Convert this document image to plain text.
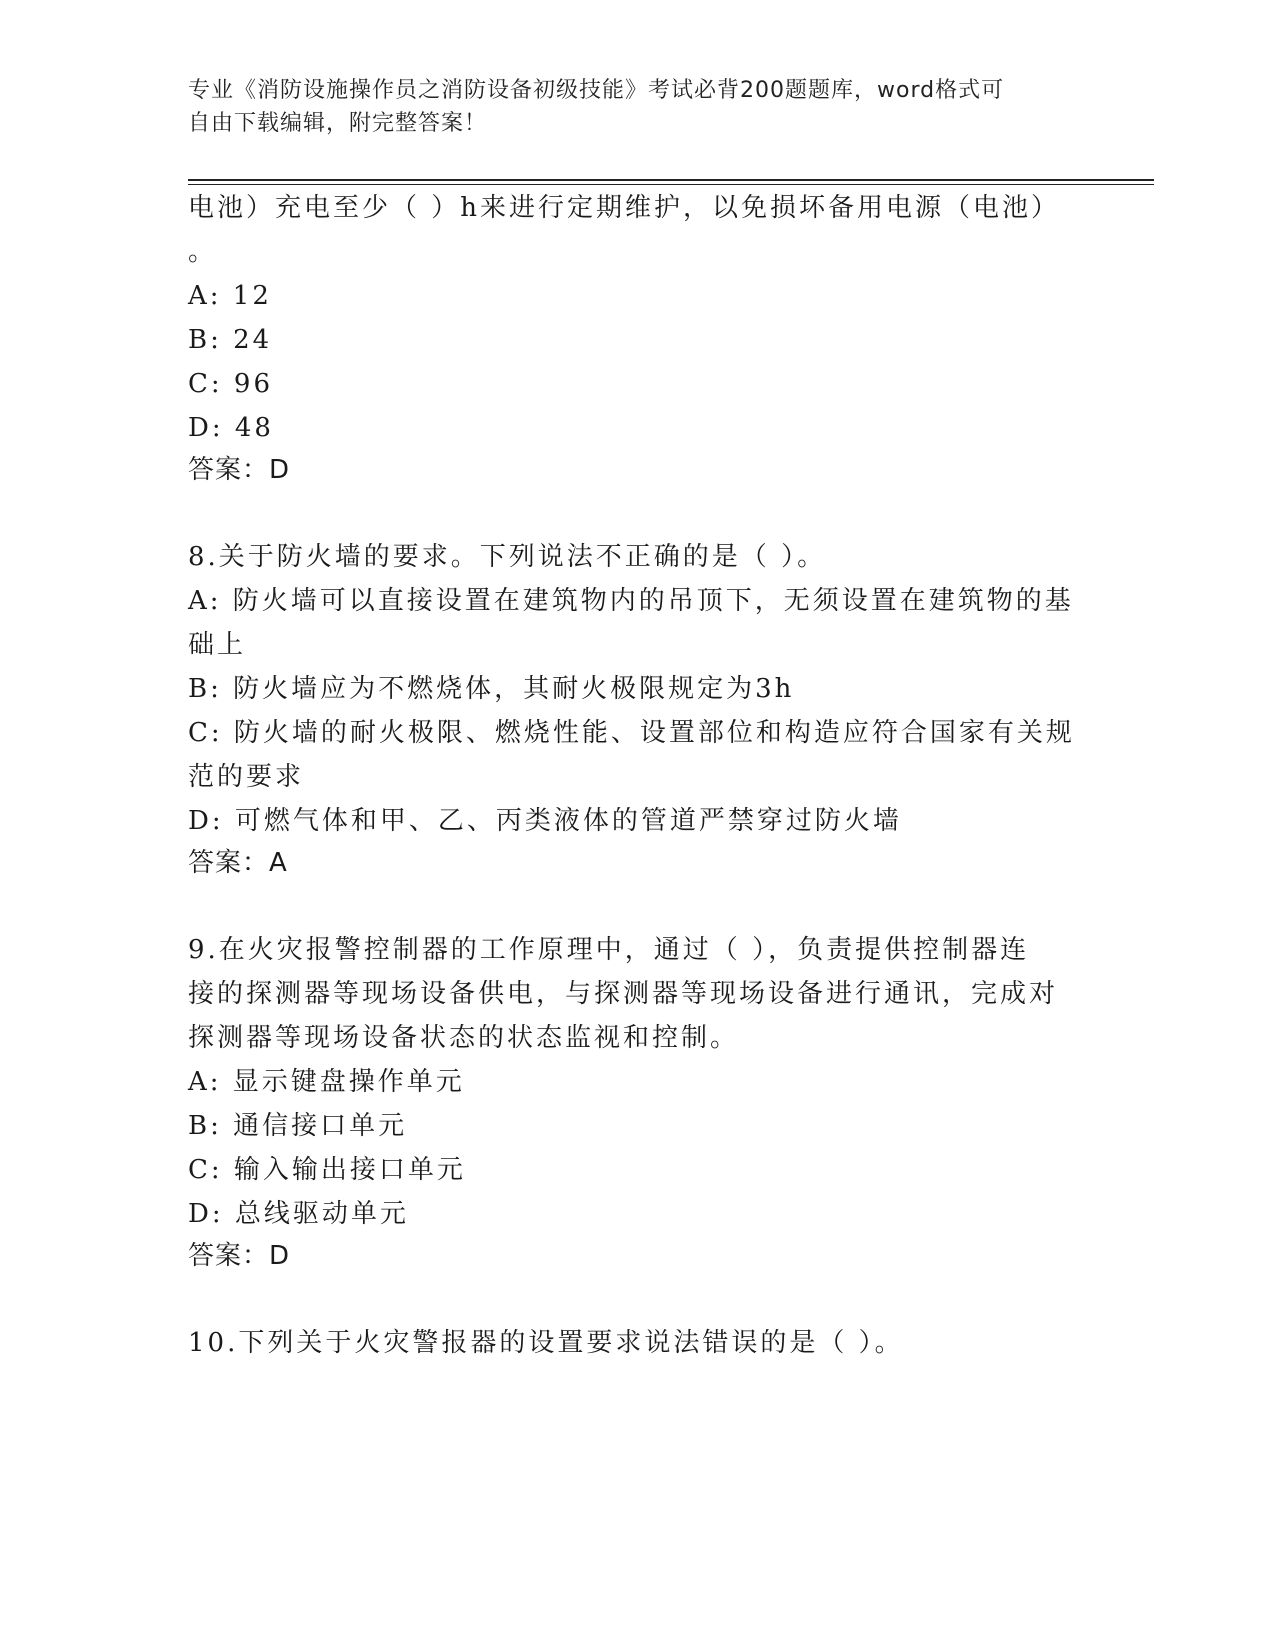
专业《消防设施操作员之消防设备初级技能》考试必背200题题库，word格式可
自由下载编辑，附完整答案！
电池）充电至少（ ）h来进行定期维护，以免损坏备用电源（电池）
。
A: 12
B: 24
C: 96
D: 48
答案：D
8.关于防火墙的要求。下列说法不正确的是（ ）。
A: 防火墙可以直接设置在建筑物内的吊顶下，无须设置在建筑物的基
础上
B: 防火墙应为不燃烧体，其耐火极限规定为3h
C: 防火墙的耐火极限、燃烧性能、设置部位和构造应符合国家有关规
范的要求
D: 可燃气体和甲、乙、丙类液体的管道严禁穿过防火墙
答案：A
9.在火灾报警控制器的工作原理中，通过（ ），负责提供控制器连
接的探测器等现场设备供电，与探测器等现场设备进行通讯，完成对
探测器等现场设备状态的状态监视和控制。
A: 显示键盘操作单元
B: 通信接口单元
C: 输入输出接口单元
D: 总线驱动单元
答案：D
10.下列关于火灾警报器的设置要求说法错误的是（ ）。
